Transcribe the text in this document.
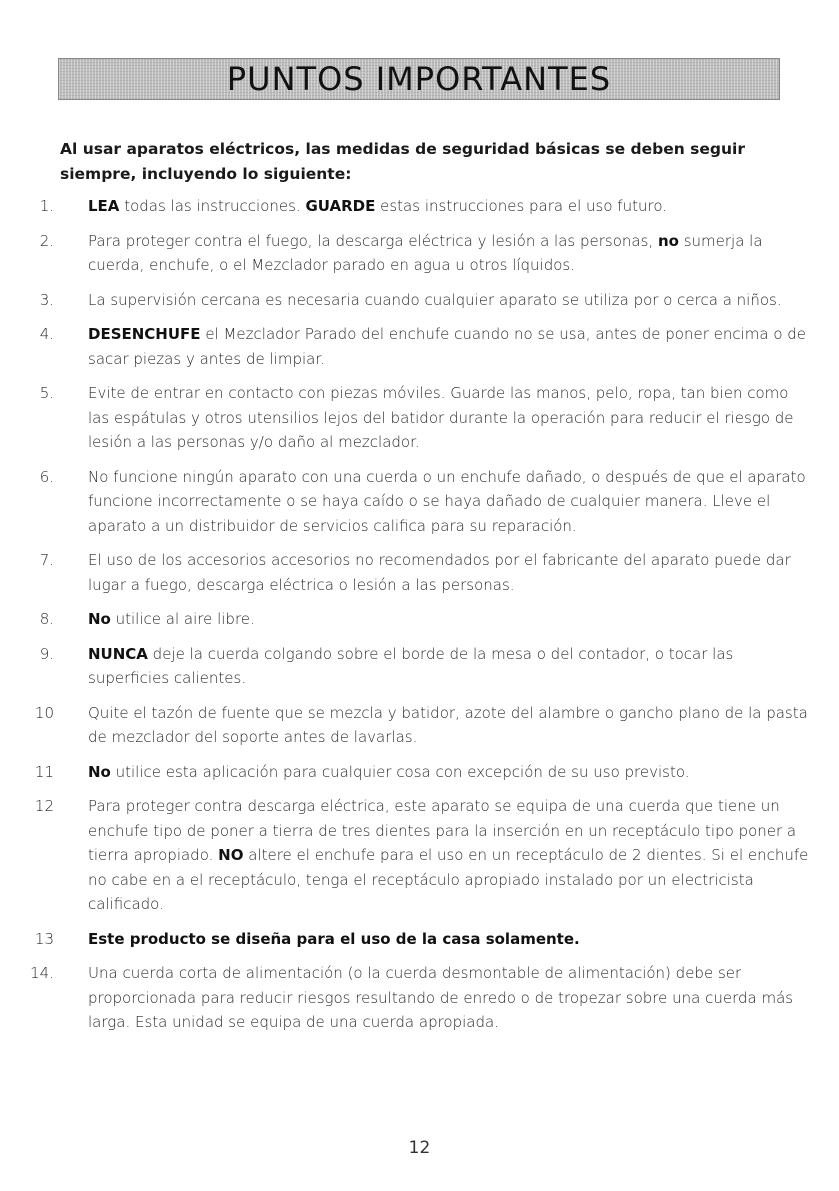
PUNTOS IMPORTANTES
Al usar aparatos eléctricos, las medidas de seguridad básicas se deben seguir siempre, incluyendo lo siguiente:
1. LEA todas las instrucciones. GUARDE estas instrucciones para el uso futuro.
2. Para proteger contra el fuego, la descarga eléctrica y lesión a las personas, no sumerja la cuerda, enchufe, o el Mezclador parado en agua u otros líquidos.
3. La supervisión cercana es necesaria cuando cualquier aparato se utiliza por o cerca a niños.
4. DESENCHUFE el Mezclador Parado del enchufe cuando no se usa, antes de poner encima o de sacar piezas y antes de limpiar.
5. Evite de entrar en contacto con piezas móviles. Guarde las manos, pelo, ropa, tan bien como las espátulas y otros utensilios lejos del batidor durante la operación para reducir el riesgo de lesión a las personas y/o daño al mezclador.
6. No funcione ningún aparato con una cuerda o un enchufe dañado, o después de que el aparato funcione incorrectamente o se haya caído o se haya dañado de cualquier manera. Lleve el aparato a un distribuidor de servicios califica para su reparación.
7. El uso de los accesorios accesorios no recomendados por el fabricante del aparato puede dar lugar a fuego, descarga eléctrica o lesión a las personas.
8. No utilice al aire libre.
9. NUNCA deje la cuerda colgando sobre el borde de la mesa o del contador, o tocar las superficies calientes.
10 Quite el tazón de fuente que se mezcla y batidor, azote del alambre o gancho plano de la pasta de mezclador del soporte antes de lavarlas.
11 No utilice esta aplicación para cualquier cosa con excepción de su uso previsto.
12 Para proteger contra descarga eléctrica, este aparato se equipa de una cuerda que tiene un enchufe tipo de poner a tierra de tres dientes para la inserción en un receptáculo tipo poner a tierra apropiado. NO altere el enchufe para el uso en un receptáculo de 2 dientes. Si el enchufe no cabe en a el receptáculo, tenga el receptáculo apropiado instalado por un electricista calificado.
13 Este producto se diseña para el uso de la casa solamente.
14. Una cuerda corta de alimentación (o la cuerda desmontable de alimentación) debe ser proporcionada para reducir riesgos resultando de enredo o de tropezar sobre una cuerda más larga. Esta unidad se equipa de una cuerda apropiada.
12
